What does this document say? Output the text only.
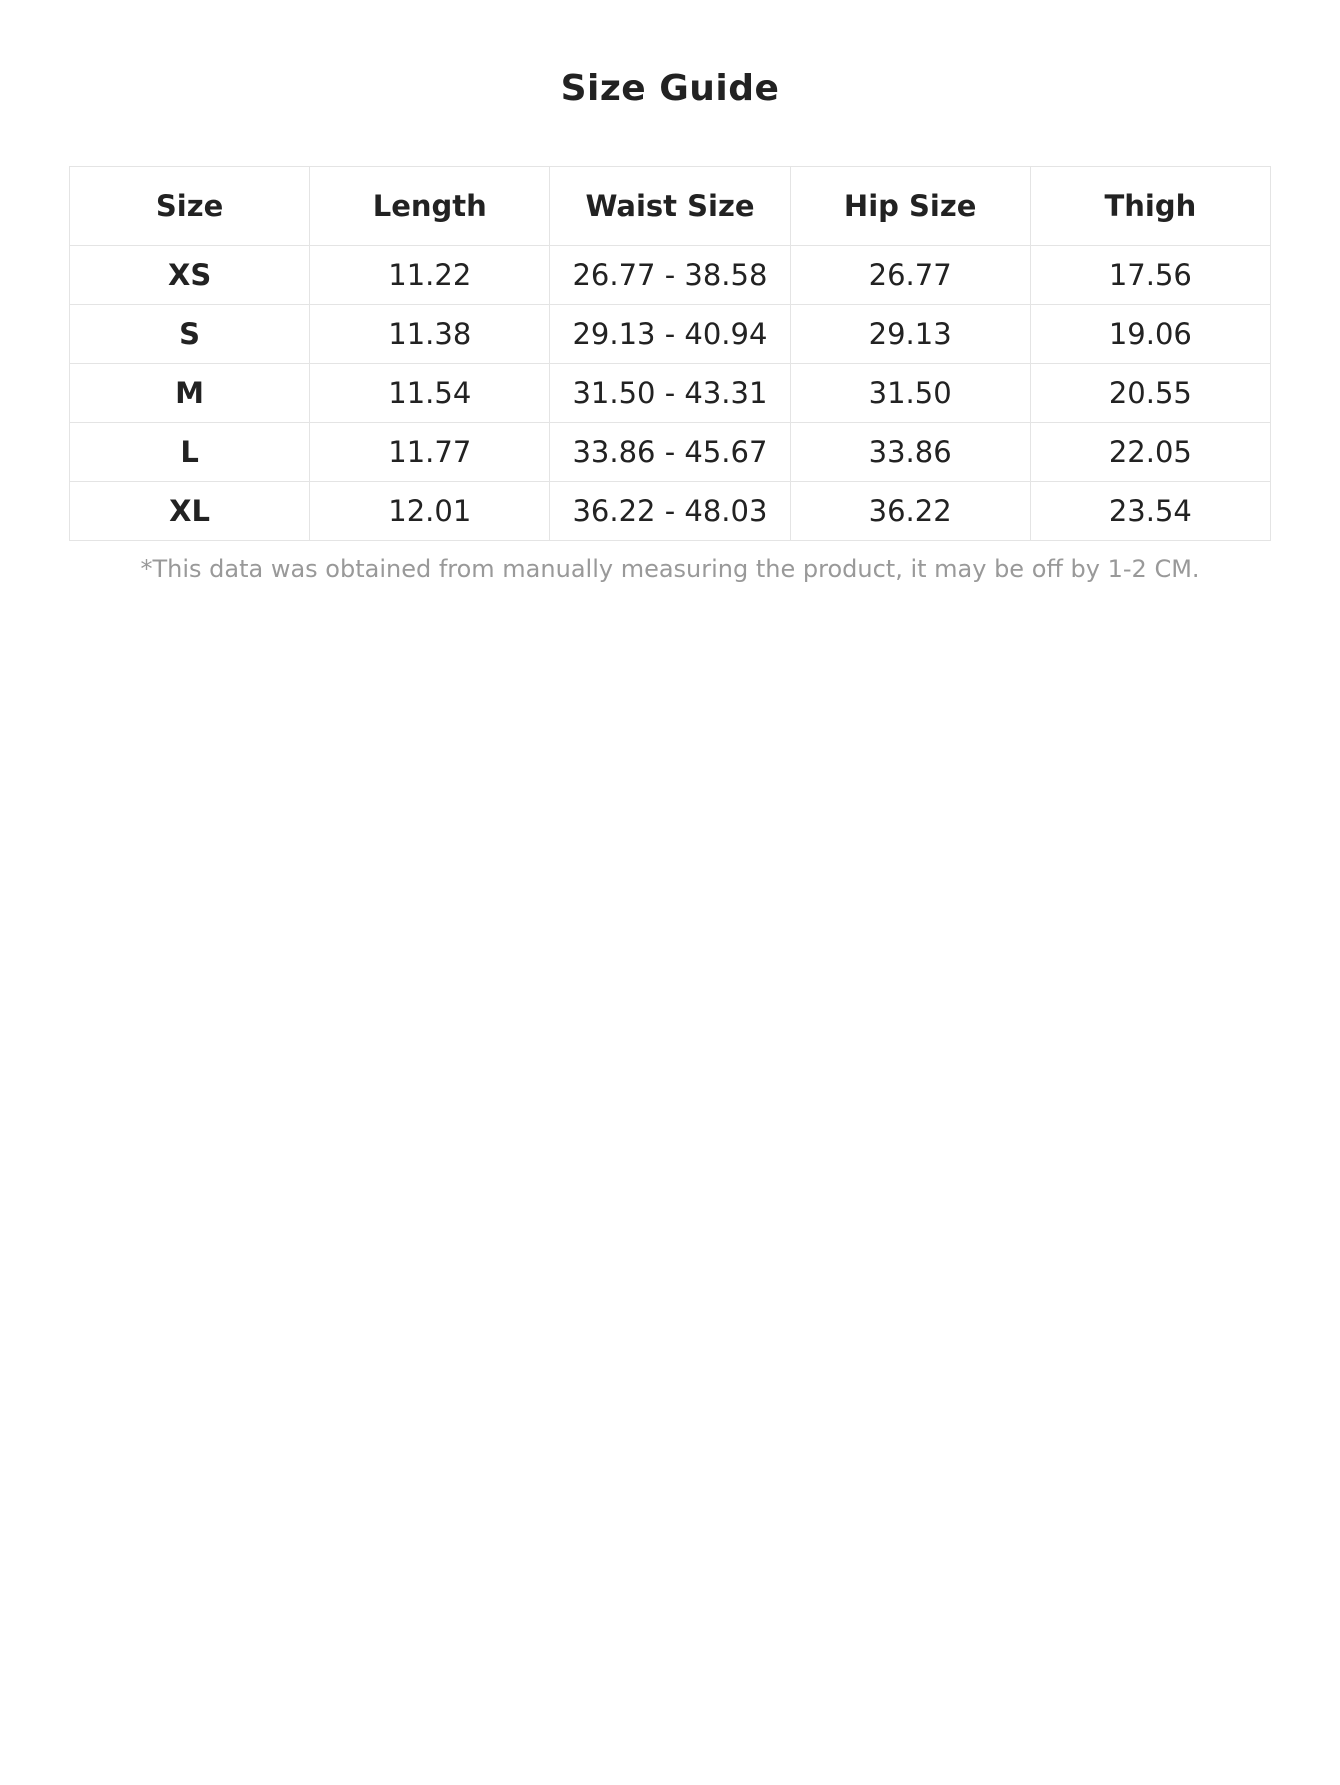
Size Guide
Size	Length	Waist Size	Hip Size	Thigh
XS	11.22	26.77 - 38.58	26.77	17.56
S	11.38	29.13 - 40.94	29.13	19.06
M	11.54	31.50 - 43.31	31.50	20.55
L	11.77	33.86 - 45.67	33.86	22.05
XL	12.01	36.22 - 48.03	36.22	23.54

*This data was obtained from manually measuring the product, it may be off by 1-2 CM.
